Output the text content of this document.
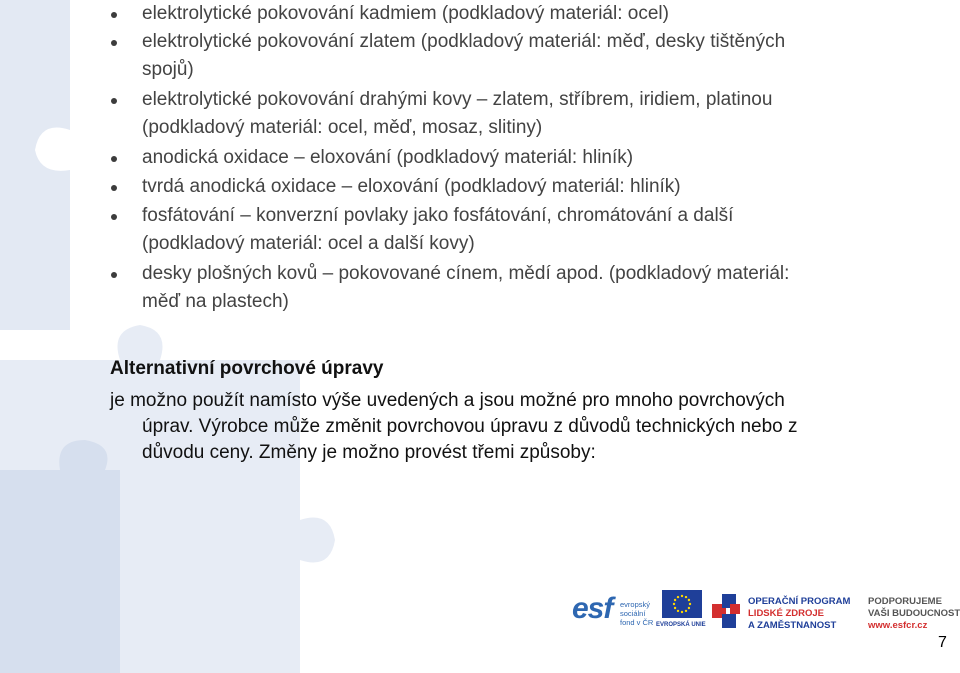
elektrolytické pokovování kadmiem (podkladový materiál: ocel)
elektrolytické pokovování zlatem (podkladový materiál: měď, desky tištěných
spojů)
elektrolytické pokovování drahými kovy – zlatem, stříbrem, iridiem, platinou
(podkladový materiál: ocel, měď, mosaz, slitiny)
anodická oxidace – eloxování (podkladový materiál: hliník)
tvrdá anodická oxidace – eloxování (podkladový materiál: hliník)
fosfátování – konverzní povlaky jako fosfátování, chromátování a další
(podkladový materiál: ocel a další kovy)
desky plošných kovů – pokovované cínem, mědí apod. (podkladový materiál:
měď na plastech)
Alternativní povrchové úpravy
je možno použít namísto výše uvedených a jsou možné pro mnoho povrchových
úprav. Výrobce může změnit povrchovou úpravu z důvodů technických nebo z
důvodu ceny. Změny je možno provést třemi způsoby:
esf evropský
sociální
fond v ČR EVROPSKÁ UNIE
OPERAČNÍ PROGRAM
LIDSKÉ ZDROJE
A ZAMĚSTNANOST
PODPORUJEME
VAŠI BUDOUCNOST
www.esfcr.cz
7
